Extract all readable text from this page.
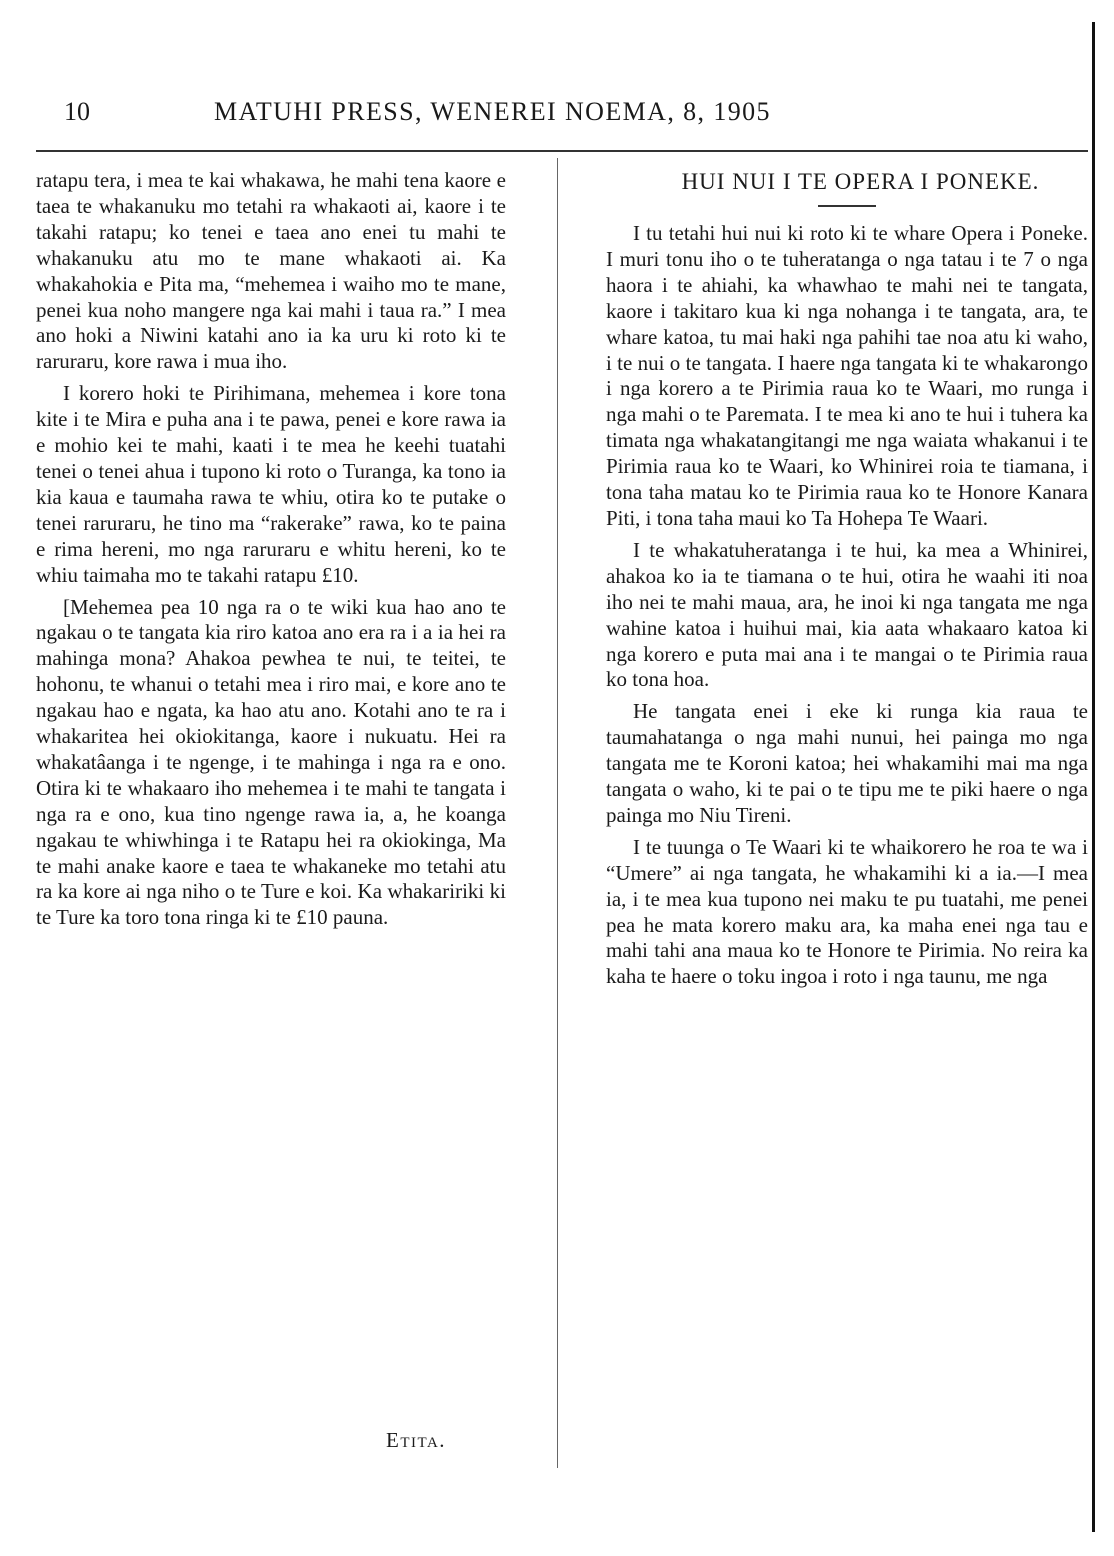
10	MATUHI PRESS, WENEREI NOEMA, 8, 1905

ratapu tera, i mea te kai whakawa, he mahi tena kaore e taea te whakanuku mo tetahi ra whakaoti ai, kaore i te takahi ratapu; ko tenei e taea ano enei tu mahi te whakanuku atu mo te mane whakaoti ai. Ka whakahokia e Pita ma, “mehemea i waiho mo te mane, penei kua noho mangere nga kai mahi i taua ra.” I mea ano hoki a Niwini katahi ano ia ka uru ki roto ki te raruraru, kore rawa i mua iho.

I korero hoki te Pirihimana, mehemea i kore tona kite i te Mira e puha ana i te pawa, penei e kore rawa ia e mohio kei te mahi, kaati i te mea he keehi tuatahi tenei o tenei ahua i tupono ki roto o Turanga, ka tono ia kia kaua e taumaha rawa te whiu, otira ko te putake o tenei raruraru, he tino ma “rakerake” rawa, ko te paina e rima hereni, mo nga raruraru e whitu hereni, ko te whiu taimaha mo te takahi ratapu £10.

[Mehemea pea 10 nga ra o te wiki kua hao ano te ngakau o te tangata kia riro katoa ano era ra i a ia hei ra mahinga mona? Ahakoa pewhea te nui, te teitei, te hohonu, te whanui o tetahi mea i riro mai, e kore ano te ngakau hao e ngata, ka hao atu ano. Kotahi ano te ra i whakaritea hei okiokitanga, kaore i nukuatu. Hei ra whakatâanga i te ngenge, i te mahinga i nga ra e ono. Otira ki te whakaaro iho mehemea i te mahi te tangata i nga ra e ono, kua tino ngenge rawa ia, a, he koanga ngakau te whiwhinga i te Ratapu hei ra okiokinga, Ma te mahi anake kaore e taea te whakaneke mo tetahi atu ra ka kore ai nga niho o te Ture e koi. Ka whakaririki ki te Ture ka toro tona ringa ki te £10 pauna.

Etita.

HUI NUI I TE OPERA I PONEKE.

I tu tetahi hui nui ki roto ki te whare Opera i Poneke. I muri tonu iho o te tuheratanga o nga tatau i te 7 o nga haora i te ahiahi, ka whawhao te mahi nei te tangata, kaore i takitaro kua ki nga nohanga i te tangata, ara, te whare katoa, tu mai haki nga pahihi tae noa atu ki waho, i te nui o te tangata. I haere nga tangata ki te whakarongo i nga korero a te Pirimia raua ko te Waari, mo runga i nga mahi o te Paremata. I te mea ki ano te hui i tuhera ka timata nga whakatangitangi me nga waiata whakanui i te Pirimia raua ko te Waari, ko Whinirei roia te tiamana, i tona taha matau ko te Pirimia raua ko te Honore Kanara Piti, i tona taha maui ko Ta Hohepa Te Waari.

I te whakatuheratanga i te hui, ka mea a Whinirei, ahakoa ko ia te tiamana o te hui, otira he waahi iti noa iho nei te mahi maua, ara, he inoi ki nga tangata me nga wahine katoa i huihui mai, kia aata whakaaro katoa ki nga korero e puta mai ana i te mangai o te Pirimia raua ko tona hoa.

He tangata enei i eke ki runga kia raua te taumahatanga o nga mahi nunui, hei painga mo nga tangata me te Koroni katoa; hei whakamihi mai ma nga tangata o waho, ki te pai o te tipu me te piki haere o nga painga mo Niu Tireni.

I te tuunga o Te Waari ki te whaikorero he roa te wa i “Umere” ai nga tangata, he whakamihi ki a ia.—I mea ia, i te mea kua tupono nei maku te pu tuatahi, me penei pea he mata korero maku ara, ka maha enei nga tau e mahi tahi ana maua ko te Honore te Pirimia. No reira ka kaha te haere o toku ingoa i roto i nga taunu, me nga
